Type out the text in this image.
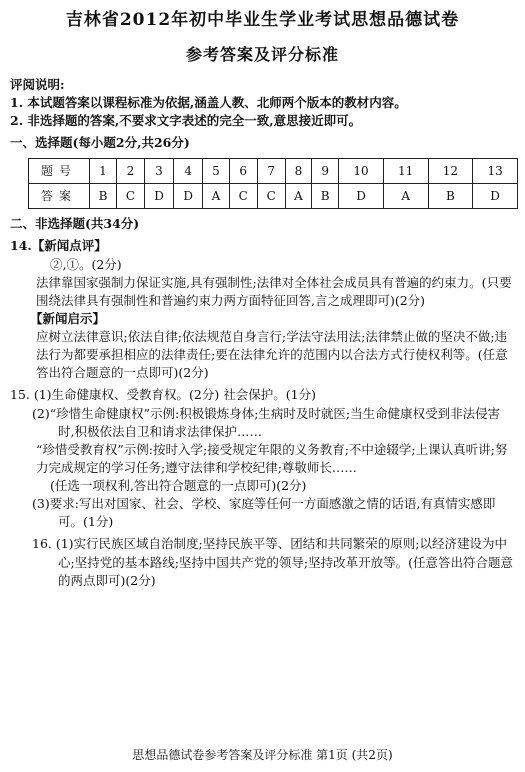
吉林省2012年初中毕业生学业考试思想品德试卷
参考答案及评分标准

评阅说明:

1. 本试题答案以课程标准为依据,涵盖人教、北师两个版本的教材内容。

2. 非选择题的答案,不要求文字表述的完全一致,意思接近即可。

一、选择题(每小题2分,共26分)

题号	1	2	3	4	5	6	7	8	9	10	11	12	13
答案	B	C	D	D	A	C	C	A	B	D	A	B	D

二、非选择题(共34分)

14.【新闻点评】

②,①。(2分)

法律靠国家强制力保证实施,具有强制性;法律对全体社会成员具有普遍的约束力。(只要围绕法律具有强制性和普遍约束力两方面特征回答,言之成理即可)(2分)

【新闻启示】

应树立法律意识;依法自律;依法规范自身言行;学法守法用法;法律禁止做的坚决不做;违法行为都要承担相应的法律责任;要在法律允许的范围内以合法方式行使权利等。(任意答出符合题意的一点即可)(2分)

15. (1)生命健康权、受教育权。(2分) 社会保护。(1分)

(2)“珍惜生命健康权”示例:积极锻炼身体;生病时及时就医;当生命健康权受到非法侵害时,积极依法自卫和请求法律保护……

“珍惜受教育权”示例:按时入学;接受规定年限的义务教育;不中途辍学;上课认真听讲;努力完成规定的学习任务;遵守法律和学校纪律;尊敬师长……

(任选一项权利,答出符合题意的一点即可)(2分)

(3)要求:写出对国家、社会、学校、家庭等任何一方面感激之情的话语,有真情实感即可。(1分)

16. (1)实行民族区域自治制度;坚持民族平等、团结和共同繁荣的原则;以经济建设为中心;坚持党的基本路线;坚持中国共产党的领导;坚持改革开放等。(任意答出符合题意的两点即可)(2分)

思想品德试卷参考答案及评分标准 第1页 (共2页)
